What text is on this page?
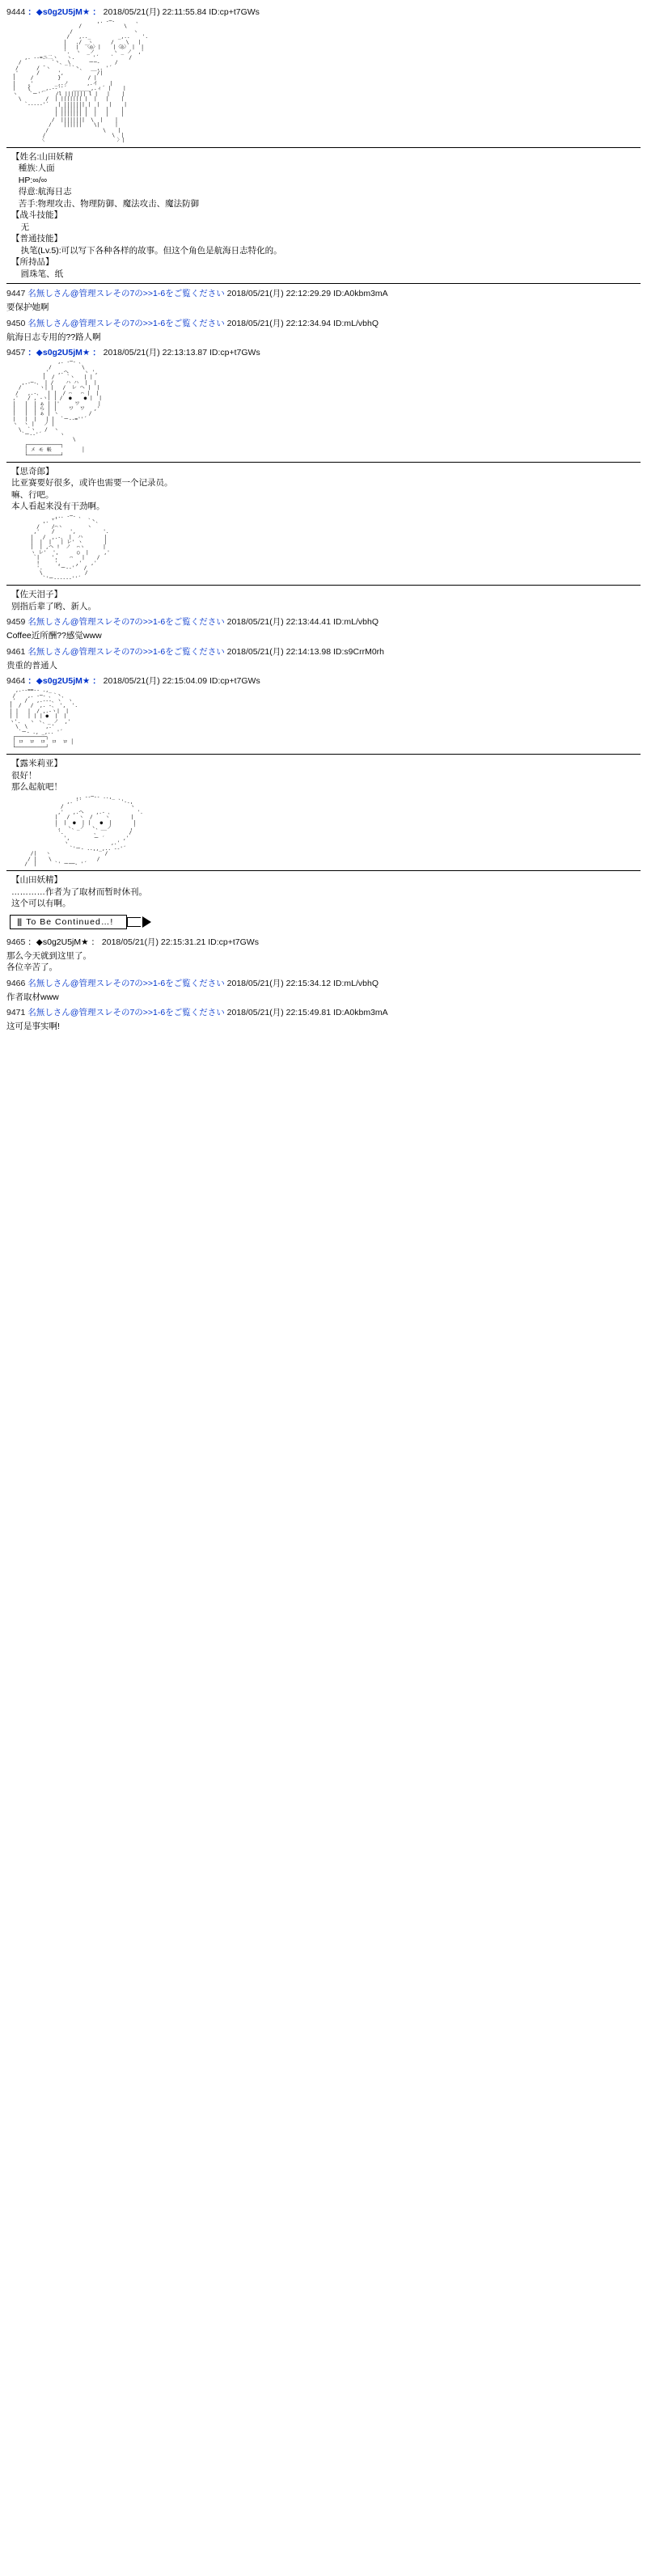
9444 ：◆s0g2U5jM★ ： 2018/05/21(月) 22:11:55.84 ID:cp+t7GWs
,. -─-       、
/              \
/                    ヽ
/   ,.._         _,..    '.
|   ./ _ヽ      /  _ \   |
|   |  〈◎〉|    |〈◎〉 |  |
'.  ヽ  _ノ      ヽ _ ノ  ,'
,. -‐=ニ二ヽ   ヽ.      '´    `     /
/          `丶、_\      ー─‐     /
/      / ̄ ヽ      ``丶、  __,. '´
,'      /      ',           /|
|     /        }         / |
|    ,'       _,.ノ      ,.イ    |
|    {    _,.-‐''´  ______,.ィ´ |    |
ヽ    `ー'´    /l ||||||| l |   |    |
\        /  | ||||||| |  |   |    |
`‐---‐'´   | ||||||| |  |   |    |
| ||||||| |  |   |    |
| ||||||| |  |   |    |
/  ||||||||  \  |    |
/    ||||||    \|     |
/                  \    |
/                      \  |
〈                        〉|
【姓名:山田妖精
種族:人面
HP:∞/∞
得意:航海日志
苦手:物理攻击、物理防御、魔法攻击、魔法防御
【战斗技能】
无
【普通技能】
执笔(Lv.5):可以写下各种各样的故事。但这个角色是航海日志特化的。
【所持品】
圆珠笔、纸
9447 名無しさん@管理スレその7の>>1-6をご覧ください 2018/05/21(月) 22:12:29.29 ID:A0kbm3mA
要保护她啊
9450 名無しさん@管理スレその7の>>1-6をご覧ください 2018/05/21(月) 22:12:34.94 ID:mL/vbhQ
航海日志专用的??路人啊
9457 ：◆s0g2U5jM★ ： 2018/05/21(月) 22:13:13.87 ID:cp+t7GWs
,. ‐─- 、
/          \
,'   ,.へ     ヽ ',
|  /    `ヽ   | |
,.-─-、 | /    ハ ハ  |  |
/      ヽ| |   /  レ ヘ |  |
/   ,.-、  | |  / ⌒   ⌒ |  |
,'   / , -ヽ| | /  ●    ● |  |
|   |  | ぁ | |'     ワ      |
|   |  | ら | |    ワ  ワ   ,'
|   |  | ぁ | ヽ          /
|   |  |   | |  `ー-‐=''´
ヽ  ヽ |   ノ |
\  `ヽ   /  ヽ
`ー-‐'´      ヽ
\
┌───────────┐
│ メ モ 帳          │
└───────────┘
【思奇郎】
比亚赛要好很多，或许也需要一个记录员。
嘛、行吧。
本人看起来没有干劲啊。
_,.. -─- 、
,. '´          `丶、
/    /⌒ヽ        ヽ
,'    /     ',         '.
|   /  ,.-、 |  ハ       |
|  |  |   | レ' ヽ       |
|  | ,ヘ !  ノ  ⌒ヽ      |
ヽ レ'  ',      ○  |     ,'
`|    ',    ⌒   |    /
!     ',     ,'   ,'
'.     `ー-‐'´  /
\              /
`'ー-----‐''´
【佐天泪子】
别指后辈了哟、新人。
9459 名無しさん@管理スレその7の>>1-6をご覧ください 2018/05/21(月) 22:13:44.41 ID:mL/vbhQ
Coffee近所酬??感觉www
9461 名無しさん@管理スレその7の>>1-6をご覧ください 2018/05/21(月) 22:14:13.98 ID:s9CrrM0rh
贵重的普通人
9464 ：◆s0g2U5jM★ ： 2018/05/21(月) 22:15:04.09 ID:cp+t7GWs
,.-‐==‐- .,_
/    ,. -─- 、`丶、
,'   /   ,.-‐-、ヽ  ヽ
|  /   /  ,. -、 ',  '.
| |   |  / ,.-ヽ|  |
| |   | | | ●  |  |
ヽ'.   ヽ ヽ、_ ノ  ,'
\  \      ,.'
`ー- ., _,.. '´
┌──────────┐
│ ロ  ロ  ロ  ロ  ロ │
└──────────┘
【露米莉亚】
很好！
那么起航吧！
,. -‐─‐- ..,_
,. '´            `'‐.,
/                      ヽ
,'   ,.へ    ,.- 、        '.
|   /   ヽ  /    ヽ       |
|  |  ●  | |   ●  |       |
',  ヽ、_ノ  ヽ、__ノ      ,'
'.          、          /
',        ー ′      ,'
ヽ              ,.'
`'ー- ..,,_,.. -‐'´
/|   ヽ                  /
/ |    \               /
/  |      `' ー──‐ '´
【山田妖精】
…………作者为了取材而暂时休刊。
这个可以有啊。
||| To Be Continued…!
9465 ：◆s0g2U5jM★ ： 2018/05/21(月) 22:15:31.21 ID:cp+t7GWs
那么今天就到这里了。
各位辛苦了。
9466 名無しさん@管理スレその7の>>1-6をご覧ください 2018/05/21(月) 22:15:34.12 ID:mL/vbhQ
作者取材www
9471 名無しさん@管理スレその7の>>1-6をご覧ください 2018/05/21(月) 22:15:49.81 ID:A0kbm3mA
这可是事实啊!
